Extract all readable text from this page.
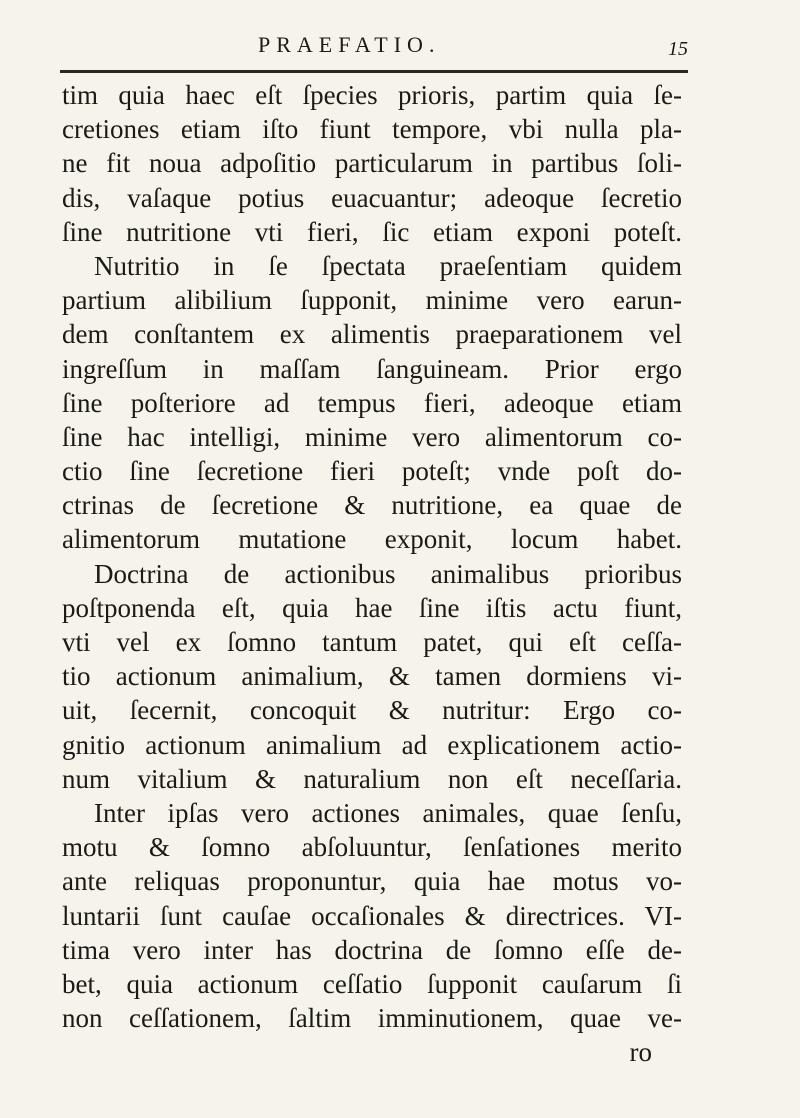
PRAEFATIO.	15
tim quia haec eſt ſpecies prioris, partim quia ſe-
cretiones etiam iſto fiunt tempore, vbi nulla pla-
ne fit noua adpoſitio particularum in partibus ſoli-
dis, vaſaque potius euacuantur; adeoque ſecretio
ſine nutritione vti fieri, ſic etiam exponi poteſt.
Nutritio in ſe ſpectata praeſentiam quidem
partium alibilium ſupponit, minime vero earun-
dem conſtantem ex alimentis praeparationem vel
ingreſſum in maſſam ſanguineam. Prior ergo
ſine poſteriore ad tempus fieri, adeoque etiam
ſine hac intelligi, minime vero alimentorum co-
ctio ſine ſecretione fieri poteſt; vnde poſt do-
ctrinas de ſecretione & nutritione, ea quae de
alimentorum mutatione exponit, locum habet.
Doctrina de actionibus animalibus prioribus
poſtponenda eſt, quia hae ſine iſtis actu fiunt,
vti vel ex ſomno tantum patet, qui eſt ceſſa-
tio actionum animalium, & tamen dormiens vi-
uit, ſecernit, concoquit & nutritur: Ergo co-
gnitio actionum animalium ad explicationem actio-
num vitalium & naturalium non eſt neceſſaria.
Inter ipſas vero actiones animales, quae ſenſu,
motu & ſomno abſoluuntur, ſenſationes merito
ante reliquas proponuntur, quia hae motus vo-
luntarii ſunt cauſae occaſionales & directrices. VI-
tima vero inter has doctrina de ſomno eſſe de-
bet, quia actionum ceſſatio ſupponit cauſarum ſi
non ceſſationem, ſaltim imminutionem, quae ve-
ro
